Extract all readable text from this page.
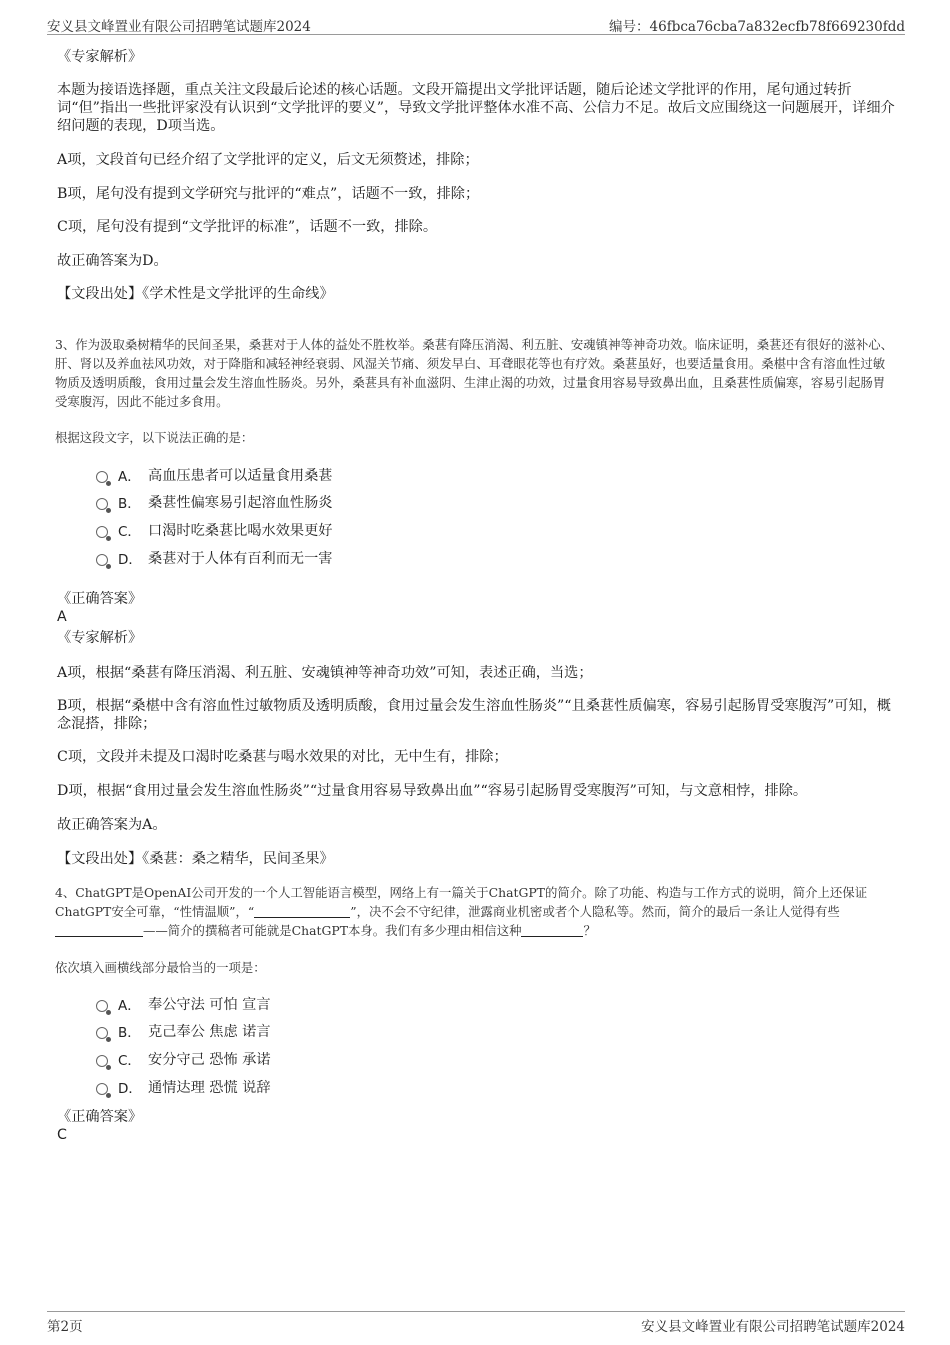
安义县文峰置业有限公司招聘笔试题库2024	编号：46fbca76cba7a832ecfb78f669230fdd
《专家解析》
本题为接语选择题，重点关注文段最后论述的核心话题。文段开篇提出文学批评话题，随后论述文学批评的作用，尾句通过转折词“但”指出一些批评家没有认识到“文学批评的要义”，导致文学批评整体水准不高、公信力不足。故后文应围绕这一问题展开，详细介绍问题的表现，D项当选。
A项，文段首句已经介绍了文学批评的定义，后文无须赘述，排除；
B项，尾句没有提到文学研究与批评的“难点”，话题不一致，排除；
C项，尾句没有提到“文学批评的标准”，话题不一致，排除。
故正确答案为D。
【文段出处】《学术性是文学批评的生命线》
3、作为汲取桑树精华的民间圣果，桑葚对于人体的益处不胜枚举。桑葚有降压消渴、利五脏、安魂镇神等神奇功效。临床证明，桑葚还有很好的滋补心、肝、肾以及养血祛风功效，对于降脂和减轻神经衰弱、风湿关节痛、须发早白、耳聋眼花等也有疗效。桑葚虽好，也要适量食用。桑椹中含有溶血性过敏物质及透明质酸，食用过量会发生溶血性肠炎。另外，桑葚具有补血滋阴、生津止渴的功效，过量食用容易导致鼻出血，且桑葚性质偏寒，容易引起肠胃受寒腹泻，因此不能过多食用。
根据这段文字，以下说法正确的是：
A． 高血压患者可以适量食用桑葚
B． 桑葚性偏寒易引起溶血性肠炎
C． 口渴时吃桑葚比喝水效果更好
D． 桑葚对于人体有百利而无一害
《正确答案》
A
《专家解析》
A项，根据“桑葚有降压消渴、利五脏、安魂镇神等神奇功效”可知，表述正确，当选；
B项，根据“桑椹中含有溶血性过敏物质及透明质酸，食用过量会发生溶血性肠炎”“且桑葚性质偏寒，容易引起肠胃受寒腹泻”可知，概念混搭，排除；
C项，文段并未提及口渴时吃桑葚与喝水效果的对比，无中生有，排除；
D项，根据“食用过量会发生溶血性肠炎”“过量食用容易导致鼻出血”“容易引起肠胃受寒腹泻”可知，与文意相悖，排除。
故正确答案为A。
【文段出处】《桑葚：桑之精华，民间圣果》
4、ChatGPT是OpenAI公司开发的一个人工智能语言模型，网络上有一篇关于ChatGPT的简介。除了功能、构造与工作方式的说明，简介上还保证ChatGPT安全可靠，“性情温顺”，“	”，决不会不守纪律，泄露商业机密或者个人隐私等。然而，简介的最后一条让人觉得有些——简介的撰稿者可能就是ChatGPT本身。我们有多少理由相信这种	？
依次填入画横线部分最恰当的一项是：
A． 奉公守法 可怕 宣言
B． 克己奉公 焦虑 诺言
C． 安分守己 恐怖 承诺
D． 通情达理 恐慌 说辞
《正确答案》
C
第2页	安义县文峰置业有限公司招聘笔试题库2024
